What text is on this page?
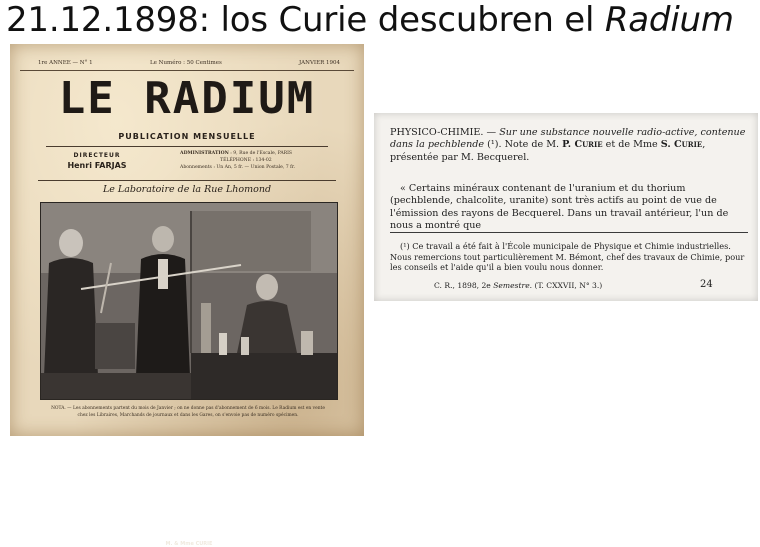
21.12.1898: los Curie descubren el Radium
1re ANNEE — N° 1	Le Numéro : 50 Centimes	JANVIER 1904
LE RADIUM
PUBLICATION MENSUELLE
DIRECTEUR
Henri FARJAS
ADMINISTRATION : 9, Rue de l'Escale, PARIS
TÉLÉPHONE : 134-02
Abonnements : Un An, 5 fr. — Union Postale, 7 fr.
Le Laboratoire de la Rue Lhomond
M. & Mme CURIE
NOTA. — Les abonnements partent du mois de Janvier ; on ne donne pas d'abonnement de 6 mois. Le Radium est en vente chez les Libraires, Marchands de journaux et dans les Gares, on s'envoie pas de numéro spécimen.
PHYSICO-CHIMIE. — Sur une substance nouvelle radio-active, contenue dans la pechblende (¹). Note de M. P. Curie et de Mme S. Curie, présentée par M. Becquerel.
« Certains minéraux contenant de l'uranium et du thorium (pechblende, chalcolite, uranite) sont très actifs au point de vue de l'émission des rayons de Becquerel. Dans un travail antérieur, l'un de nous a montré que
(¹) Ce travail a été fait à l'École municipale de Physique et Chimie industrielles. Nous remercions tout particulièrement M. Bémont, chef des travaux de Chimie, pour les conseils et l'aide qu'il a bien voulu nous donner.
C. R., 1898, 2e Semestre. (T. CXXVII, N° 3.)	24
